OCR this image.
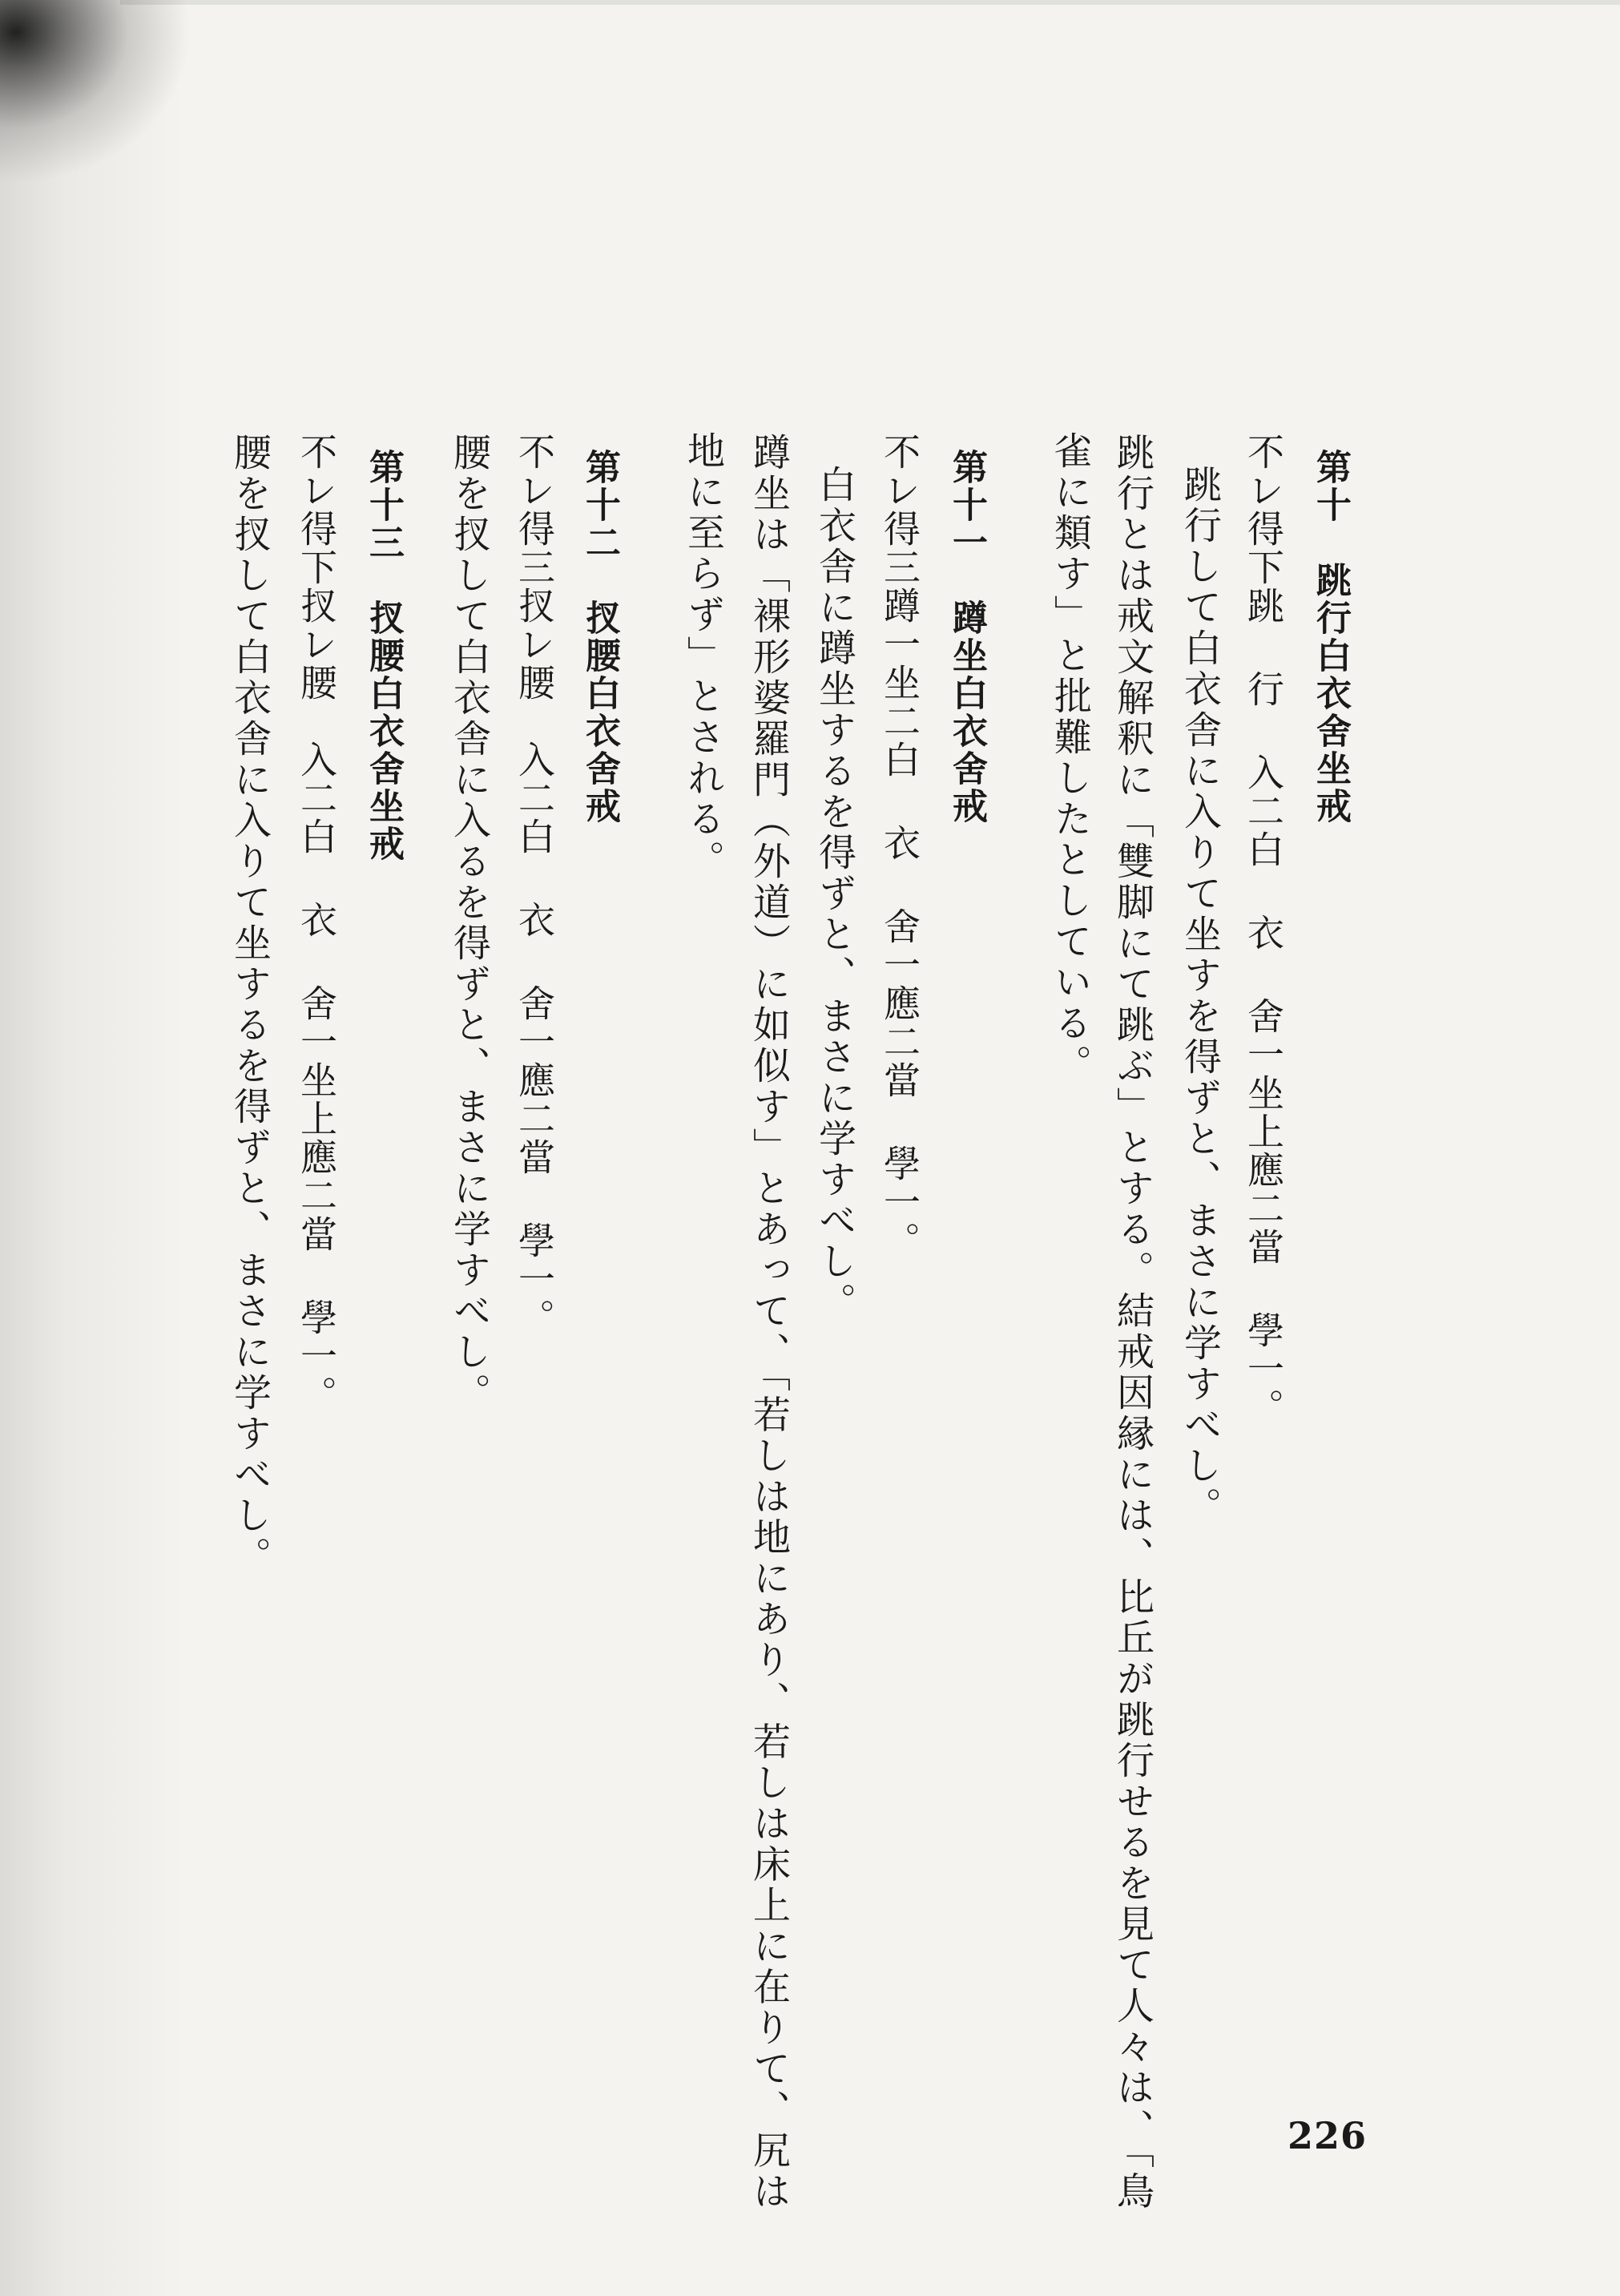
第十　跳行白衣舍坐戒
不レ得下跳 行 入二白 衣 舍一坐上應二當 學一。
跳行して白衣舎に入りて坐すを得ずと、まさに学すべし。
跳行とは戒文解釈に「雙脚にて跳ぶ」とする。結戒因縁には、比丘が跳行せるを見て人々は、「鳥
雀に類す」と批難したとしている。
第十一　蹲坐白衣舍戒
不レ得三蹲一坐二白 衣 舍一應二當 學一。
白衣舎に蹲坐するを得ずと、まさに学すべし。
蹲坐は「裸形婆羅門（外道）に如似す」とあって、「若しは地にあり、若しは床上に在りて、尻は
地に至らず」とされる。
第十二　扠腰白衣舍戒
不レ得三扠レ腰　入二白 衣 舍一應二當 學一。
腰を扠して白衣舎に入るを得ずと、まさに学すべし。
第十三　扠腰白衣舍坐戒
不レ得下扠レ腰　入二白 衣 舍一坐上應二當 學一。
腰を扠して白衣舎に入りて坐するを得ずと、まさに学すべし。
226
